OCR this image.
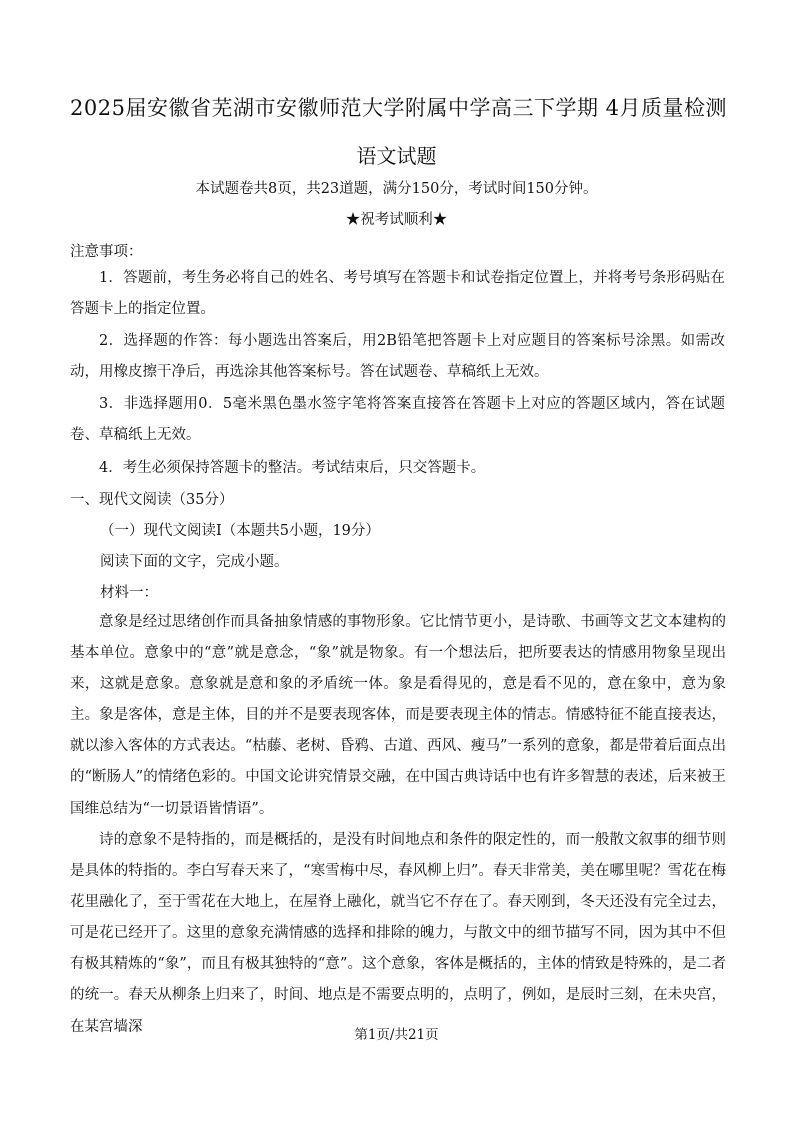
2025届安徽省芜湖市安徽师范大学附属中学高三下学期 4月质量检测
语文试题
本试题卷共8页，共23道题，满分150分，考试时间150分钟。
★祝考试顺利★
注意事项：
1．答题前，考生务必将自己的姓名、考号填写在答题卡和试卷指定位置上，并将考号条形码贴在答题卡上的指定位置。
2．选择题的作答：每小题选出答案后，用2B铅笔把答题卡上对应题目的答案标号涂黑。如需改动，用橡皮擦干净后，再选涂其他答案标号。答在试题卷、草稿纸上无效。
3．非选择题用0．5毫米黑色墨水签字笔将答案直接答在答题卡上对应的答题区域内，答在试题卷、草稿纸上无效。
4．考生必须保持答题卡的整洁。考试结束后，只交答题卡。
一、现代文阅读（35分）
（一）现代文阅读Ⅰ（本题共5小题，19分）
阅读下面的文字，完成小题。
材料一：
意象是经过思绪创作而具备抽象情感的事物形象。它比情节更小，是诗歌、书画等文艺文本建构的基本单位。意象中的“意”就是意念，“象”就是物象。有一个想法后，把所要表达的情感用物象呈现出来，这就是意象。意象就是意和象的矛盾统一体。象是看得见的，意是看不见的，意在象中，意为象主。象是客体，意是主体，目的并不是要表现客体，而是要表现主体的情志。情感特征不能直接表达，就以渗入客体的方式表达。“枯藤、老树、昏鸦、古道、西风、瘦马”一系列的意象，都是带着后面点出的“断肠人”的情绪色彩的。中国文论讲究情景交融，在中国古典诗话中也有许多智慧的表述，后来被王国维总结为“一切景语皆情语”。
诗的意象不是特指的，而是概括的，是没有时间地点和条件的限定性的，而一般散文叙事的细节则是具体的特指的。李白写春天来了，“寒雪梅中尽，春风柳上归”。春天非常美，美在哪里呢？雪花在梅花里融化了，至于雪花在大地上，在屋脊上融化，就当它不存在了。春天刚到，冬天还没有完全过去，可是花已经开了。这里的意象充满情感的选择和排除的魄力，与散文中的细节描写不同，因为其中不但有极其精炼的“象”，而且有极其独特的“意”。这个意象，客体是概括的，主体的情致是特殊的，是二者的统一。春天从柳条上归来了，时间、地点是不需要点明的，点明了，例如，是辰时三刻，在未央宫，在某宫墙深
第1页/共21页
